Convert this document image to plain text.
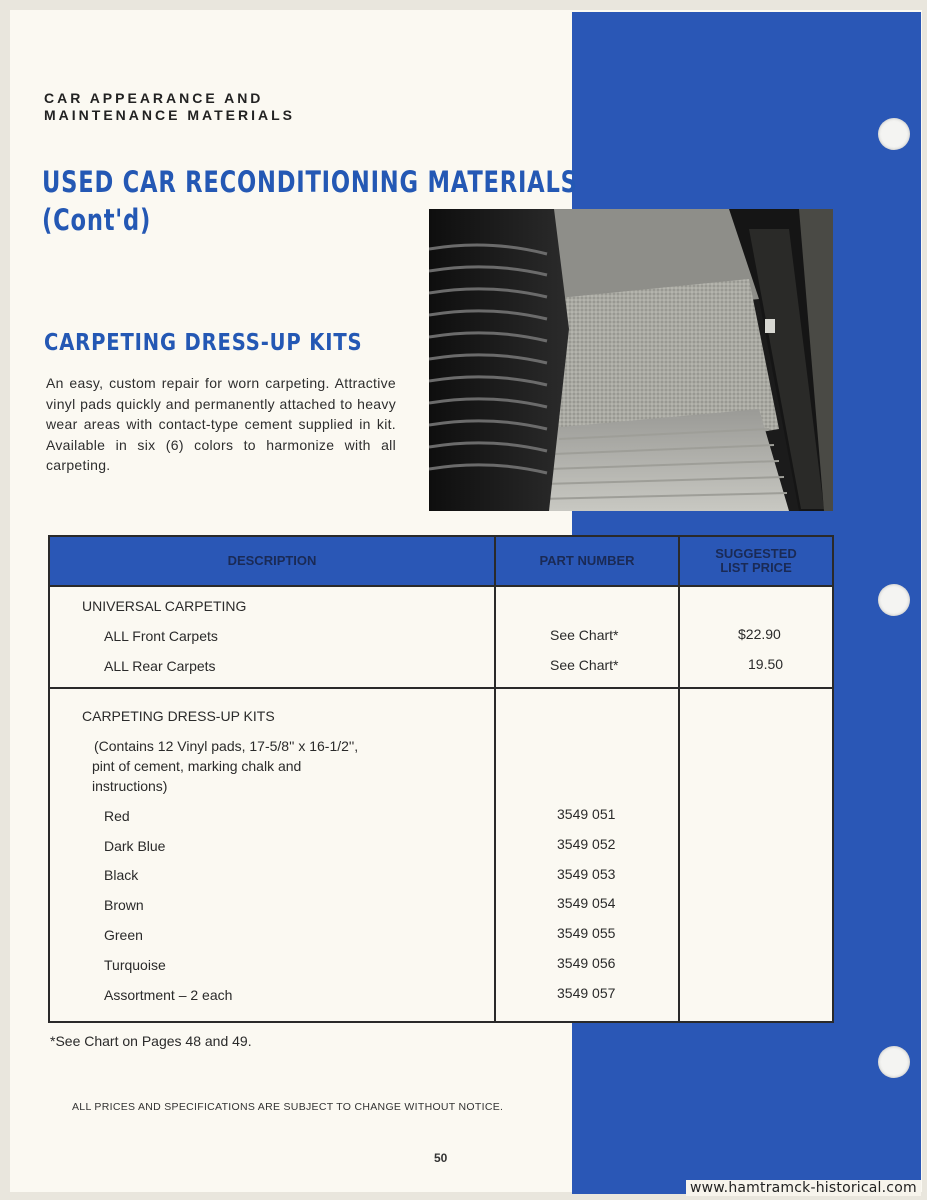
CAR APPEARANCE AND
MAINTENANCE MATERIALS
USED CAR RECONDITIONING MATERIALS
(Cont'd)
CARPETING DRESS-UP KITS
An easy, custom repair for worn carpeting. Attractive vinyl pads quickly and permanently attached to heavy wear areas with contact-type cement supplied in kit. Available in six (6) colors to harmonize with all carpeting.
DESCRIPTION	PART NUMBER	SUGGESTED
LIST PRICE
UNIVERSAL CARPETING
ALL Front Carpets	See Chart*	$22.90
ALL Rear Carpets	See Chart*	19.50
CARPETING DRESS-UP KITS
(Contains 12 Vinyl pads, 17-5/8'' x 16-1/2'',
pint of cement, marking chalk and
instructions)
Red	3549 051
Dark Blue	3549 052
Black	3549 053
Brown	3549 054
Green	3549 055
Turquoise	3549 056
Assortment – 2 each	3549 057
*See Chart on Pages 48 and 49.
ALL PRICES AND SPECIFICATIONS ARE SUBJECT TO CHANGE WITHOUT NOTICE.
50
www.hamtramck-historical.com
